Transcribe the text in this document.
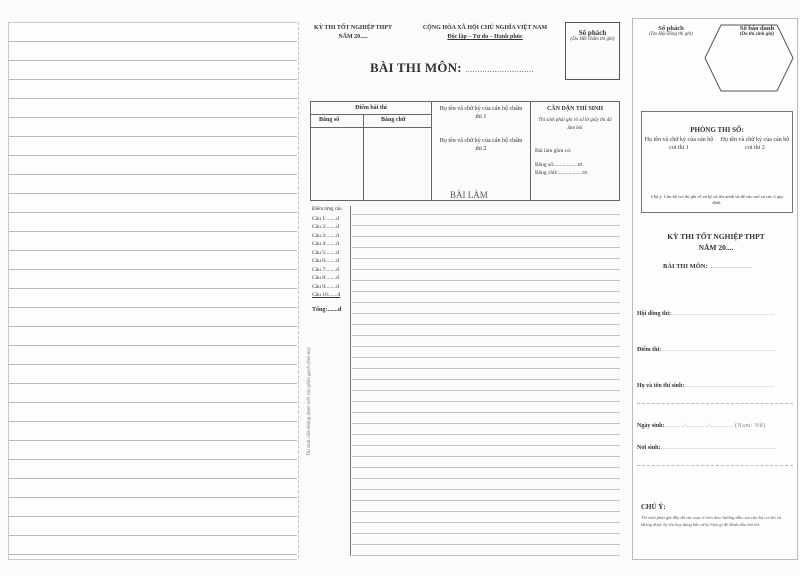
KỲ THI TỐT NGHIỆP THPT
NĂM 20.....
CỘNG HÒA XÃ HỘI CHỦ NGHĨA VIỆT NAM
Độc lập – Tự do – Hạnh phúc	Số phách
(Do HĐ chấm thi ghi)
BÀI THI MÔN: ............................
Điểm bài thi
Bằng số	Bằng chữ
Họ tên và chữ ký của cán bộ chấm thi 1
Họ tên và chữ ký của cán bộ chấm thi 2
CĂN DẶN THÍ SINH
Thí sinh phải ghi rõ số tờ giấy thi đã làm bài
Bài làm gồm có:
Bằng số:.................tờ.
Bằng chữ:..................tờ.
Điểm từng câu
Câu 1:.......đ
Câu 2:.......đ
Câu 3:.......đ
Câu 4:.......đ
Câu 5:.......đ
Câu 6:.......đ
Câu 7:.......đ
Câu 8:.......đ
Câu 9:.......đ
Câu 10:......đ
Tổng:.......đ
Thí sinh cấm không được viết vào phần gạch chéo này
BÀI LÀM
Số phách
(Do Hội đồng thi ghi)
Số báo danh
(Do thí sinh ghi)
PHÒNG THI SỐ:
Họ tên và chữ ký của cán bộ coi thi 1
Họ tên và chữ ký của cán bộ coi thi 2
Chú ý: Cán bộ coi thi ghi rõ và ký và tên mình và để vào nơi và các ô quy định.
KỲ THI TỐT NGHIỆP THPT
NĂM 20....
BÀI THI MÔN: ..........................
Hội đồng thi:....................................................
Điểm thi:..........................................................
Họ và tên thí sinh:.............................................
Ngày sinh:........../.........../............(Nam/ Nữ)
Nơi sinh:..........................................................
CHÚ Ý:
Thí sinh phải ghi đầy đủ các mục ở trên theo hướng dẫn của cán bộ coi thi và không được ký tên hay dùng bất cứ ký hiệu gì để đánh dấu bài thi.
